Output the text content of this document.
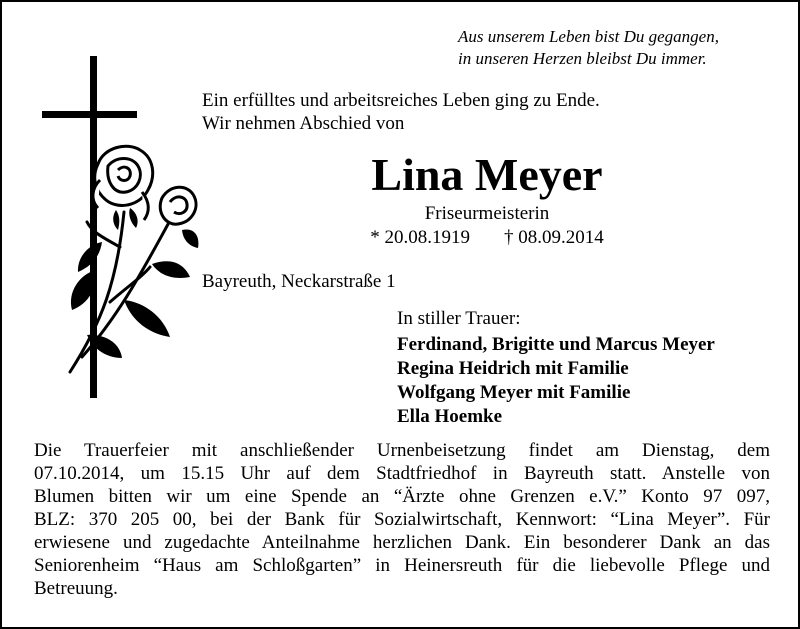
Aus unserem Leben bist Du gegangen,
in unseren Herzen bleibst Du immer.
Ein erfülltes und arbeitsreiches Leben ging zu Ende.
Wir nehmen Abschied von
Lina Meyer
Friseurmeisterin
* 20.08.1919 † 08.09.2014
Bayreuth, Neckarstraße 1
In stiller Trauer:
Ferdinand, Brigitte und Marcus Meyer
Regina Heidrich mit Familie
Wolfgang Meyer mit Familie
Ella Hoemke
Die Trauerfeier mit anschließender Urnenbeisetzung findet am Dienstag, dem
07.10.2014, um 15.15 Uhr auf dem Stadtfriedhof in Bayreuth statt. Anstelle von
Blumen bitten wir um eine Spende an “Ärzte ohne Grenzen e.V.” Konto 97 097,
BLZ: 370 205 00, bei der Bank für Sozialwirtschaft, Kennwort: “Lina Meyer”. Für
erwiesene und zugedachte Anteilnahme herzlichen Dank. Ein besonderer Dank an das
Seniorenheim “Haus am Schloßgarten” in Heinersreuth für die liebevolle Pflege und
Betreuung.
